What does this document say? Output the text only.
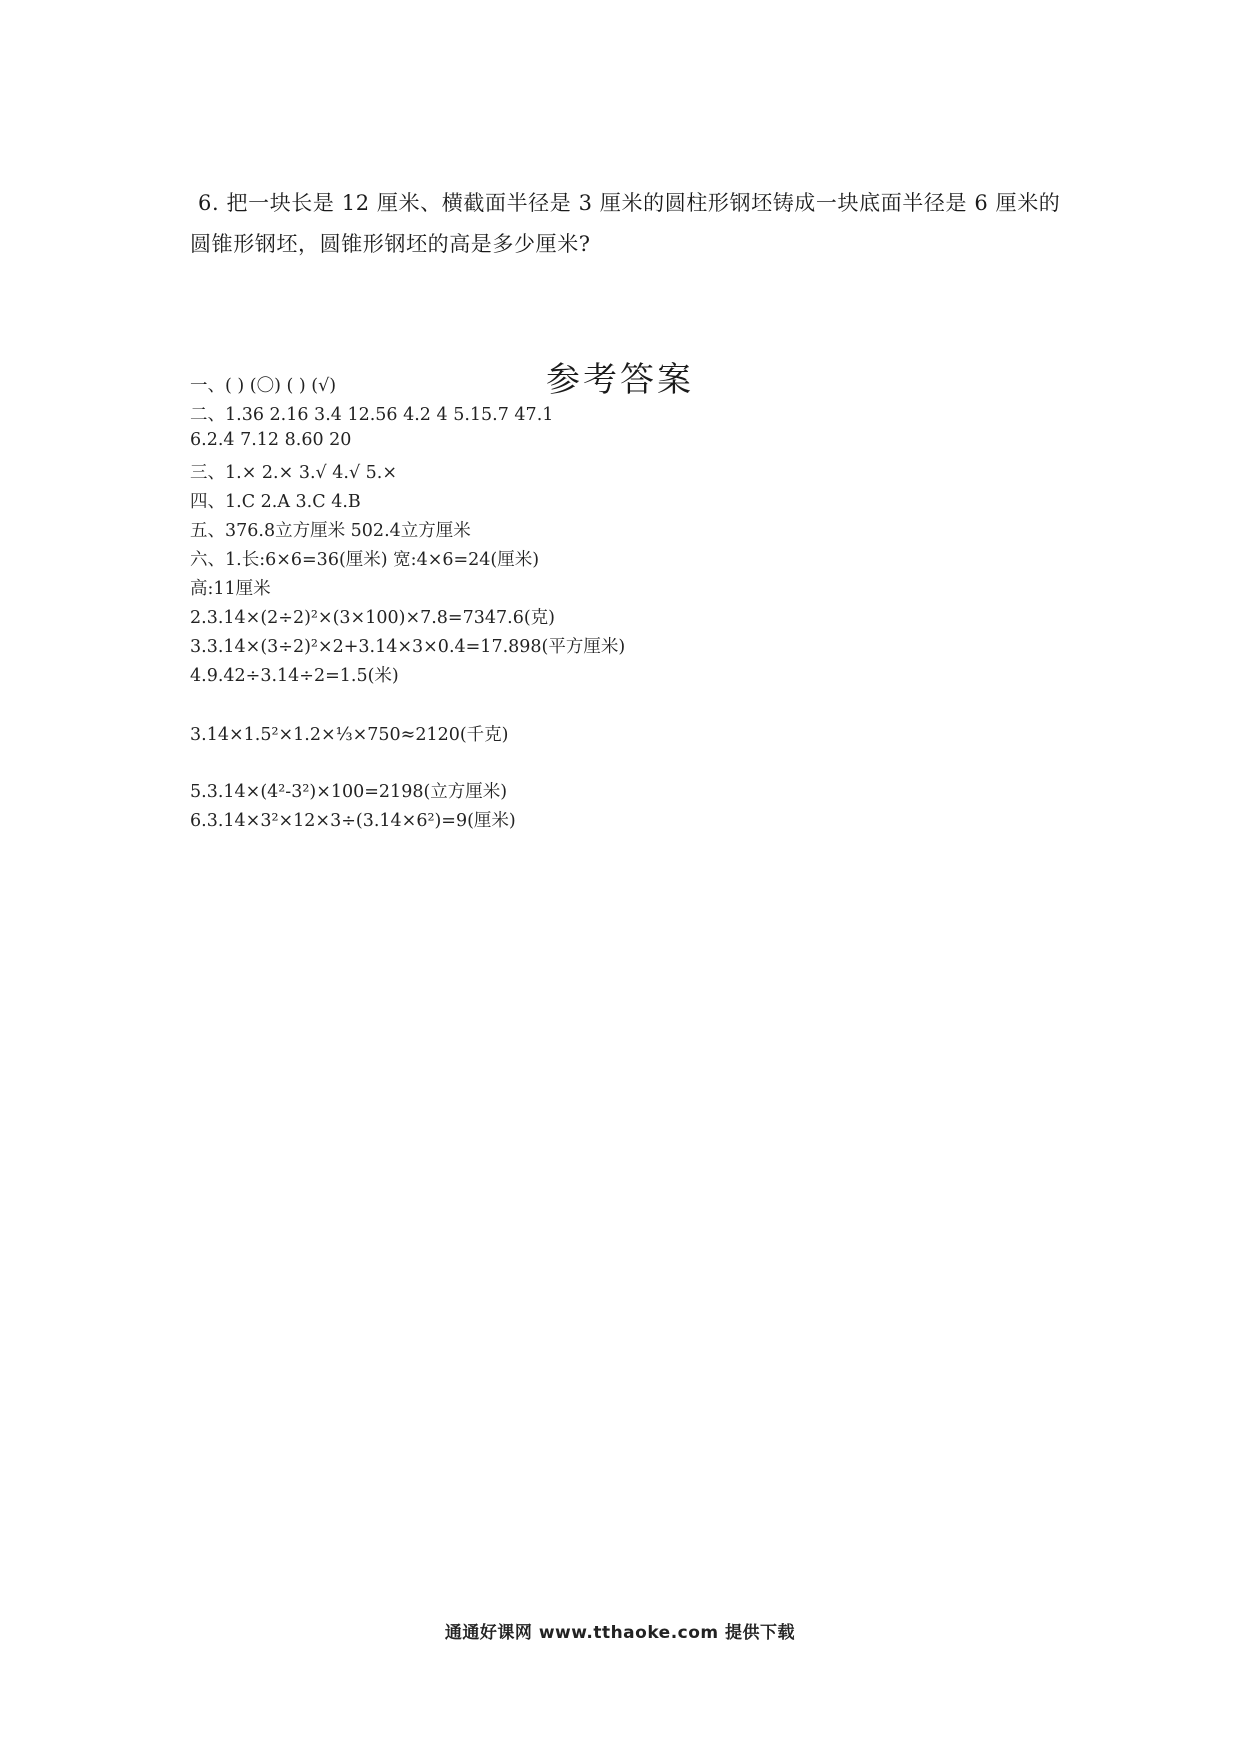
6. 把一块长是 12 厘米、横截面半径是 3 厘米的圆柱形钢坯铸成一块底面半径是 6 厘米的圆锥形钢坯，圆锥形钢坯的高是多少厘米?
参考答案
一、( ) (〇) ( ) (√)
二、1.36 2.16 3.4 12.56 4.2 4 5.15.7 47.1
6.2.4 7.12 8.60 20
三、1.× 2.× 3.√ 4.√ 5.×
四、1.C 2.A 3.C 4.B
五、376.8立方厘米 502.4立方厘米
六、1.长:6×6=36(厘米) 宽:4×6=24(厘米)
高:11厘米
2.3.14×(2÷2)²×(3×100)×7.8=7347.6(克)
3.3.14×(3÷2)²×2+3.14×3×0.4=17.898(平方厘米)
4.9.42÷3.14÷2=1.5(米)
3.14×1.5²×1.2×⅓×750≈2120(千克)
5.3.14×(4²-3²)×100=2198(立方厘米)
6.3.14×3²×12×3÷(3.14×6²)=9(厘米)
通通好课网 www.tthaoke.com 提供下载
